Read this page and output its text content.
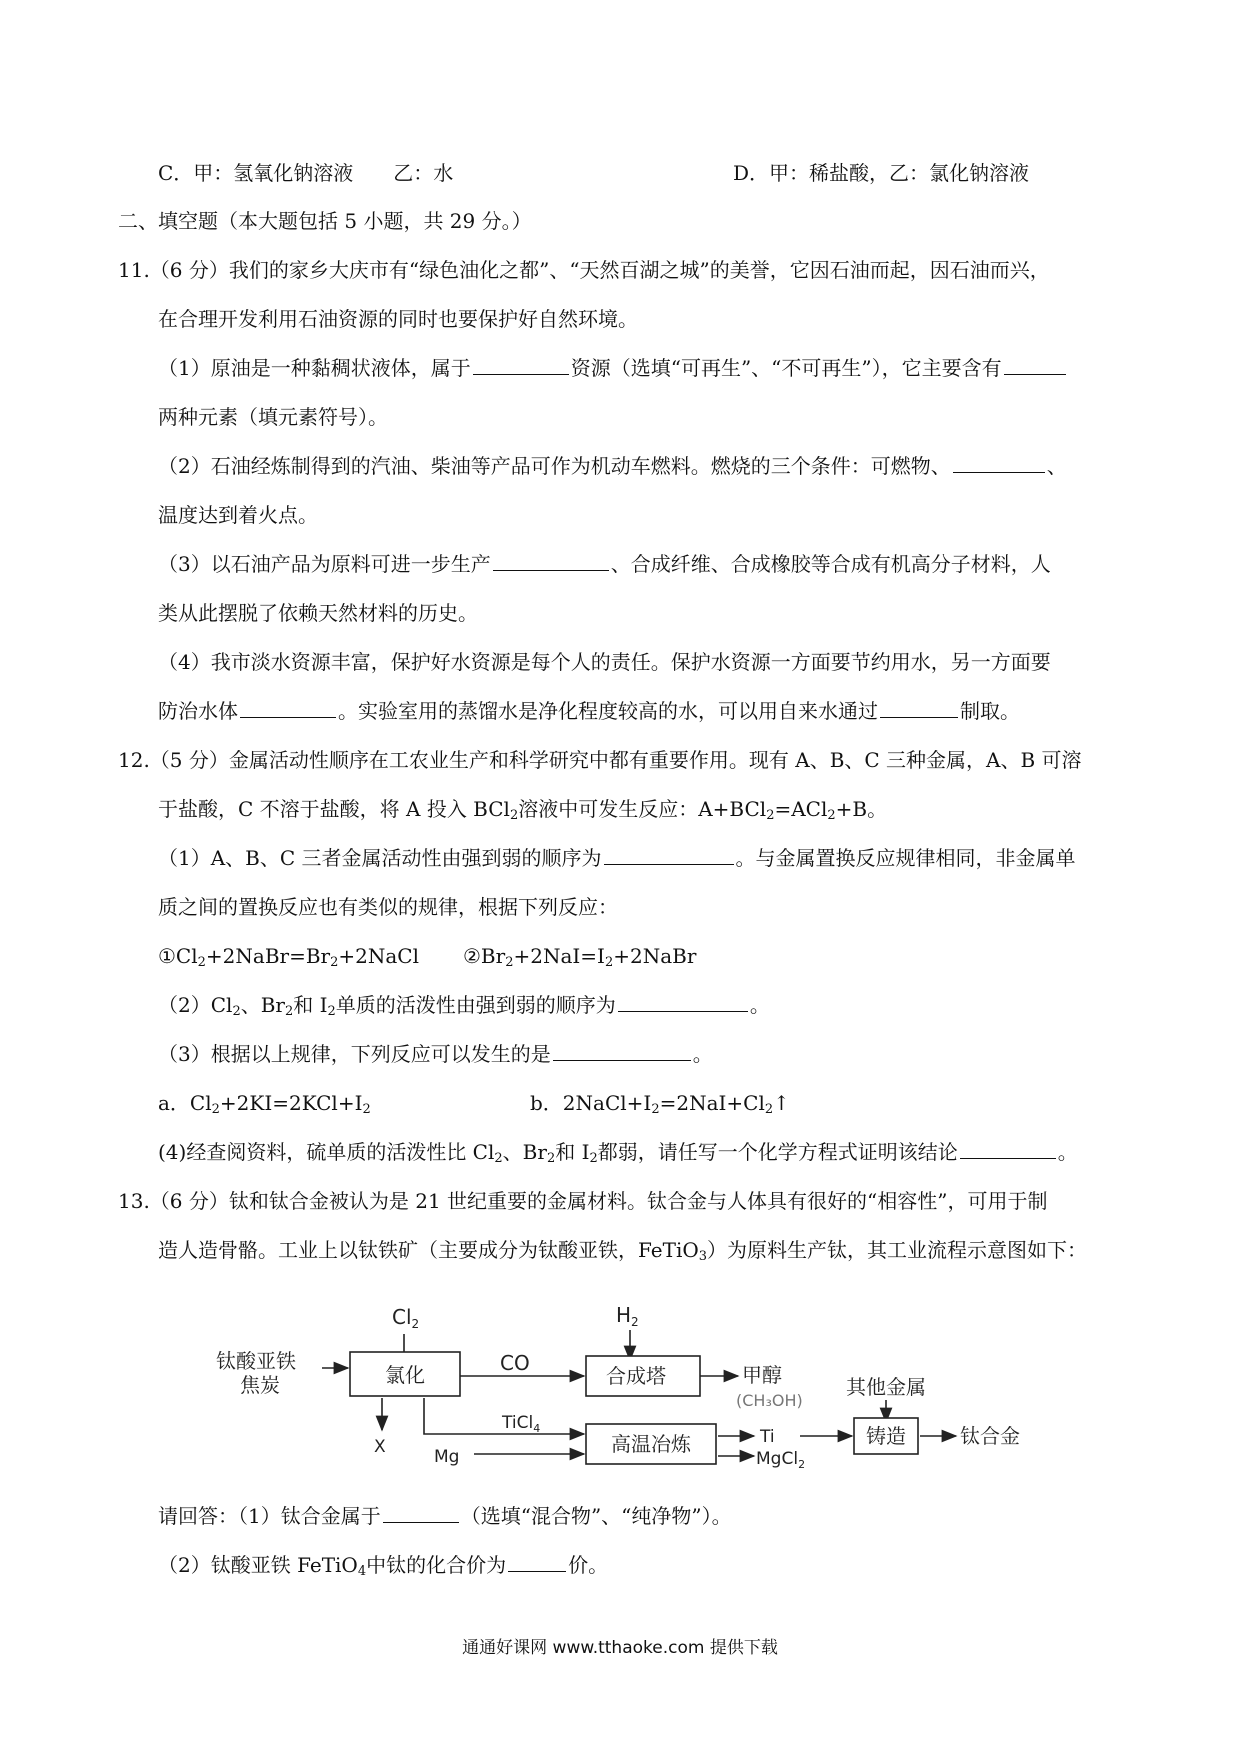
C．甲：氢氧化钠溶液　　乙：水	D．甲：稀盐酸，乙：氯化钠溶液
二、填空题（本大题包括 5 小题，共 29 分。）
11.（6 分）我们的家乡大庆市有“绿色油化之都”、“天然百湖之城”的美誉，它因石油而起，因石油而兴，
在合理开发利用石油资源的同时也要保护好自然环境。
（1）原油是一种黏稠状液体，属于	资源（选填“可再生”、“不可再生”），它主要含有
两种元素（填元素符号）。
（2）石油经炼制得到的汽油、柴油等产品可作为机动车燃料。燃烧的三个条件：可燃物、	、
温度达到着火点。
（3）以石油产品为原料可进一步生产	、合成纤维、合成橡胶等合成有机高分子材料，人
类从此摆脱了依赖天然材料的历史。
（4）我市淡水资源丰富，保护好水资源是每个人的责任。保护水资源一方面要节约用水，另一方面要
防治水体	。实验室用的蒸馏水是净化程度较高的水，可以用自来水通过	制取。
12.（5 分）金属活动性顺序在工农业生产和科学研究中都有重要作用。现有 A、B、C 三种金属，A、B 可溶
于盐酸，C 不溶于盐酸，将 A 投入 BCl$_2$溶液中可发生反应：A+BCl$_2$=ACl$_2$+B。
（1）A、B、C 三者金属活动性由强到弱的顺序为	。与金属置换反应规律相同，非金属单
质之间的置换反应也有类似的规律，根据下列反应：
$①Cl_2+2NaBr=Br_2+2NaCl$ $②Br_2+2NaI=I_2+2NaBr$
$(2)Cl_2$、$Br_2$和 $I_2$单质的活泼性由强到弱的顺序为	。
（3）根据以上规律，下列反应可以发生的是	。
a．$Cl_2+2KI=2KCl+I_2$	b．$2NaCl+I_2=2NaI+Cl_2↑$
(4)经查阅资料，硫单质的活泼性比 $Cl_2$、$Br_2$和 $I_2$都弱，请任写一个化学方程式证明该结论	。
13.（6 分）钛和钛合金被认为是 21 世纪重要的金属材料。钛合金与人体具有很好的“相容性”，可用于制
造人造骨骼。工业上以钛铁矿（主要成分为钛酸亚铁，FeTiO$_3$）为原料生产钛，其工业流程示意图如下：
$Cl_2$	$H_2$
钛酸亚铁
焦炭	氯化	合成塔
高温冶炼	铸造
CO
TiCl$_4$
Mg
X
甲醇
(CH₃OH)
Ti
MgCl$_2$
其他金属
钛合金
请回答：（1）钛合金属于	（选填“混合物”、“纯净物”）。
（2）钛酸亚铁 FeTiO$_4$中钛的化合价为	价。
通通好课网 www.tthaoke.com 提供下载
